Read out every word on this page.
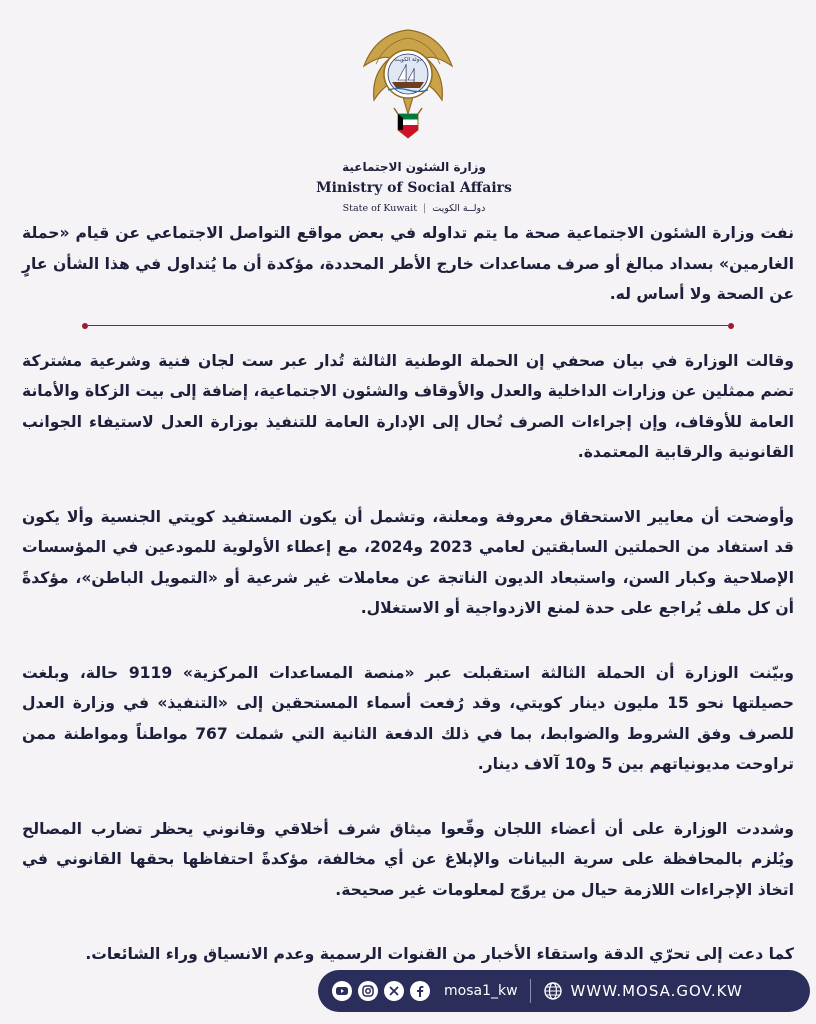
دولة الكويت
وزارة الشئون الاجتماعية
Ministry of Social Affairs
State of Kuwait | دولــة الكويت

نفت وزارة الشئون الاجتماعية صحة ما يتم تداوله في بعض مواقع التواصل الاجتماعي عن قيام «حملة الغارمين» بسداد مبالغ أو صرف مساعدات خارج الأطر المحددة، مؤكدة أن ما يُتداول في هذا الشأن عارٍ عن الصحة ولا أساس له.

وقالت الوزارة في بيان صحفي إن الحملة الوطنية الثالثة تُدار عبر ست لجان فنية وشرعية مشتركة تضم ممثلين عن وزارات الداخلية والعدل والأوقاف والشئون الاجتماعية، إضافة إلى بيت الزكاة والأمانة العامة للأوقاف، وإن إجراءات الصرف تُحال إلى الإدارة العامة للتنفيذ بوزارة العدل لاستيفاء الجوانب القانونية والرقابية المعتمدة.

وأوضحت أن معايير الاستحقاق معروفة ومعلنة، وتشمل أن يكون المستفيد كويتي الجنسية وألا يكون قد استفاد من الحملتين السابقتين لعامي 2023 و2024، مع إعطاء الأولوية للمودعين في المؤسسات الإصلاحية وكبار السن، واستبعاد الديون الناتجة عن معاملات غير شرعية أو «التمويل الباطن»، مؤكدةً أن كل ملف يُراجع على حدة لمنع الازدواجية أو الاستغلال.

وبيّنت الوزارة أن الحملة الثالثة استقبلت عبر «منصة المساعدات المركزية» 9119 حالة، وبلغت حصيلتها نحو 15 مليون دينار كويتي، وقد رُفعت أسماء المستحقين إلى «التنفيذ» في وزارة العدل للصرف وفق الشروط والضوابط، بما في ذلك الدفعة الثانية التي شملت 767 مواطناً ومواطنة ممن تراوحت مديونياتهم بين 5 و10 آلاف دينار.

وشددت الوزارة على أن أعضاء اللجان وقّعوا ميثاق شرف أخلاقي وقانوني يحظر تضارب المصالح ويُلزم بالمحافظة على سرية البيانات والإبلاغ عن أي مخالفة، مؤكدةً احتفاظها بحقها القانوني في اتخاذ الإجراءات اللازمة حيال من يروّج لمعلومات غير صحيحة.

كما دعت إلى تحرّي الدقة واستقاء الأخبار من القنوات الرسمية وعدم الانسياق وراء الشائعات.

mosa1_kw	WWW.MOSA.GOV.KW
